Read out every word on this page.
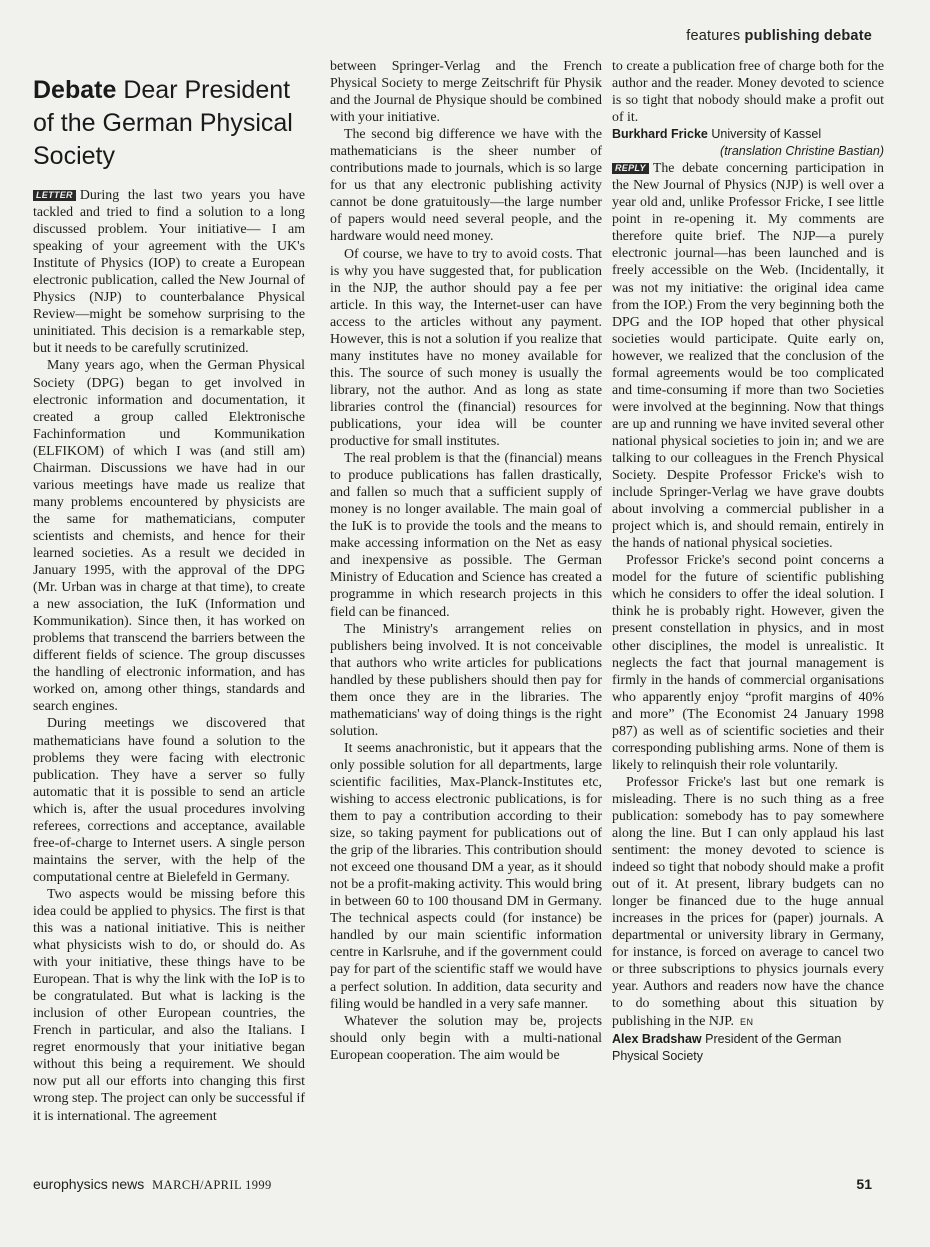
features publishing debate
Debate Dear President of the German Physical Society

LETTER During the last two years you have tackled and tried to find a solution to a long discussed problem. Your initiative— I am speaking of your agreement with the UK's Institute of Physics (IOP) to create a European electronic publication, called the New Journal of Physics (NJP) to counterbalance Physical Review—might be somehow surprising to the uninitiated. This decision is a remarkable step, but it needs to be carefully scrutinized.

Many years ago, when the German Physical Society (DPG) began to get involved in electronic information and documentation, it created a group called Elektronische Fachinformation und Kommunikation (ELFIKOM) of which I was (and still am) Chairman. Discussions we have had in our various meetings have made us realize that many problems encountered by physicists are the same for mathematicians, computer scientists and chemists, and hence for their learned societies. As a result we decided in January 1995, with the approval of the DPG (Mr. Urban was in charge at that time), to create a new association, the IuK (Information und Kommunikation). Since then, it has worked on problems that transcend the barriers between the different fields of science. The group discusses the handling of electronic information, and has worked on, among other things, standards and search engines.

During meetings we discovered that mathematicians have found a solution to the problems they were facing with electronic publication. They have a server so fully automatic that it is possible to send an article which is, after the usual procedures involving referees, corrections and acceptance, available free-of-charge to Internet users. A single person maintains the server, with the help of the computational centre at Bielefeld in Germany.

Two aspects would be missing before this idea could be applied to physics. The first is that this was a national initiative. This is neither what physicists wish to do, or should do. As with your initiative, these things have to be European. That is why the link with the IoP is to be congratulated. But what is lacking is the inclusion of other European countries, the French in particular, and also the Italians. I regret enormously that your initiative began without this being a requirement. We should now put all our efforts into changing this first wrong step. The project can only be successful if it is international. The agreement

between Springer-Verlag and the French Physical Society to merge Zeitschrift für Physik and the Journal de Physique should be combined with your initiative.

The second big difference we have with the mathematicians is the sheer number of contributions made to journals, which is so large for us that any electronic publishing activity cannot be done gratuitously—the large number of papers would need several people, and the hardware would need money.

Of course, we have to try to avoid costs. That is why you have suggested that, for publication in the NJP, the author should pay a fee per article. In this way, the Internet-user can have access to the articles without any payment. However, this is not a solution if you realize that many institutes have no money available for this. The source of such money is usually the library, not the author. And as long as state libraries control the (financial) resources for publications, your idea will be counter productive for small institutes.

The real problem is that the (financial) means to produce publications has fallen drastically, and fallen so much that a sufficient supply of money is no longer available. The main goal of the IuK is to provide the tools and the means to make accessing information on the Net as easy and inexpensive as possible. The German Ministry of Education and Science has created a programme in which research projects in this field can be financed.

The Ministry's arrangement relies on publishers being involved. It is not conceivable that authors who write articles for publications handled by these publishers should then pay for them once they are in the libraries. The mathematicians' way of doing things is the right solution.

It seems anachronistic, but it appears that the only possible solution for all departments, large scientific facilities, Max-Planck-Institutes etc, wishing to access electronic publications, is for them to pay a contribution according to their size, so taking payment for publications out of the grip of the libraries. This contribution should not exceed one thousand DM a year, as it should not be a profit-making activity. This would bring in between 60 to 100 thousand DM in Germany. The technical aspects could (for instance) be handled by our main scientific information centre in Karlsruhe, and if the government could pay for part of the scientific staff we would have a perfect solution. In addition, data security and filing would be handled in a very safe manner.

Whatever the solution may be, projects should only begin with a multi-national European cooperation. The aim would be

to create a publication free of charge both for the author and the reader. Money devoted to science is so tight that nobody should make a profit out of it.

Burkhard Fricke University of Kassel
(translation Christine Bastian)

REPLY The debate concerning participation in the New Journal of Physics (NJP) is well over a year old and, unlike Professor Fricke, I see little point in re-opening it. My comments are therefore quite brief. The NJP—a purely electronic journal—has been launched and is freely accessible on the Web. (Incidentally, it was not my initiative: the original idea came from the IOP.) From the very beginning both the DPG and the IOP hoped that other physical societies would participate. Quite early on, however, we realized that the conclusion of the formal agreements would be too complicated and time-consuming if more than two Societies were involved at the beginning. Now that things are up and running we have invited several other national physical societies to join in; and we are talking to our colleagues in the French Physical Society. Despite Professor Fricke's wish to include Springer-Verlag we have grave doubts about involving a commercial publisher in a project which is, and should remain, entirely in the hands of national physical societies.

Professor Fricke's second point concerns a model for the future of scientific publishing which he considers to offer the ideal solution. I think he is probably right. However, given the present constellation in physics, and in most other disciplines, the model is unrealistic. It neglects the fact that journal management is firmly in the hands of commercial organisations who apparently enjoy “profit margins of 40% and more” (The Economist 24 January 1998 p87) as well as of scientific societies and their corresponding publishing arms. None of them is likely to relinquish their role voluntarily.

Professor Fricke's last but one remark is misleading. There is no such thing as a free publication: somebody has to pay somewhere along the line. But I can only applaud his last sentiment: the money devoted to science is indeed so tight that nobody should make a profit out of it. At present, library budgets can no longer be financed due to the huge annual increases in the prices for (paper) journals. A departmental or university library in Germany, for instance, is forced on average to cancel two or three subscriptions to physics journals every year. Authors and readers now have the chance to do something about this situation by publishing in the NJP. EN

Alex Bradshaw President of the German Physical Society
europhysics news MARCH/APRIL 1999	51
